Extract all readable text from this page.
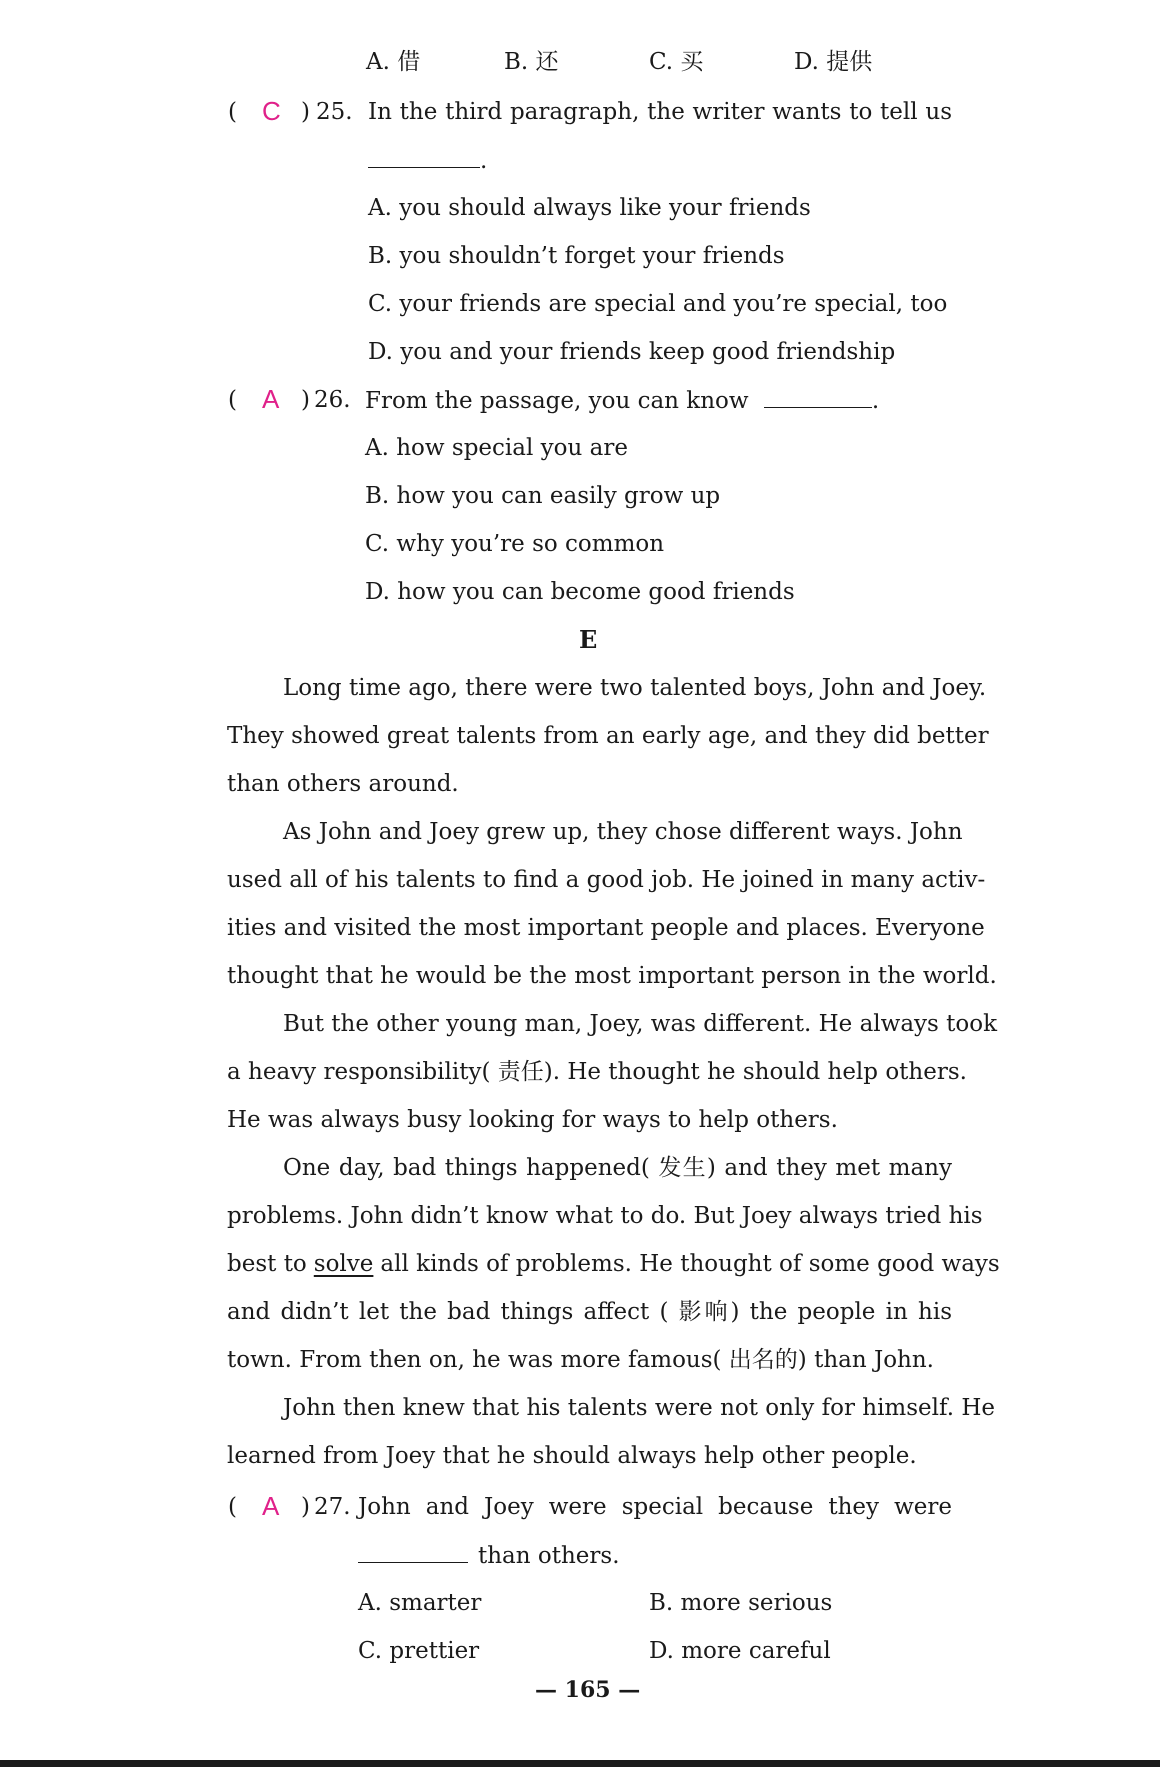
A. 借	B. 还	C. 买	D. 提供
( C ) 25. In the third paragraph, the writer wants to tell us
.
A. you should always like your friends
B. you shouldn’t forget your friends
C. your friends are special and you’re special, too
D. you and your friends keep good friendship
( A ) 26. From the passage, you can know	.
A. how special you are
B. how you can easily grow up
C. why you’re so common
D. how you can become good friends
E
Long time ago, there were two talented boys, John and Joey.
They showed great talents from an early age, and they did better
than others around.
As John and Joey grew up, they chose different ways. John
used all of his talents to find a good job. He joined in many activ-
ities and visited the most important people and places. Everyone
thought that he would be the most important person in the world.
But the other young man, Joey, was different. He always took
a heavy responsibility( 责任). He thought he should help others.
He was always busy looking for ways to help others.
One day, bad things happened( 发生) and they met many
problems. John didn’t know what to do. But Joey always tried his
best to solve all kinds of problems. He thought of some good ways
and didn’t let the bad things affect ( 影响) the people in his
town. From then on, he was more famous( 出名的) than John.
John then knew that his talents were not only for himself. He
learned from Joey that he should always help other people.
( A ) 27. John and Joey were special because they were
than others.
A. smarter	B. more serious
C. prettier	D. more careful
— 165 —
